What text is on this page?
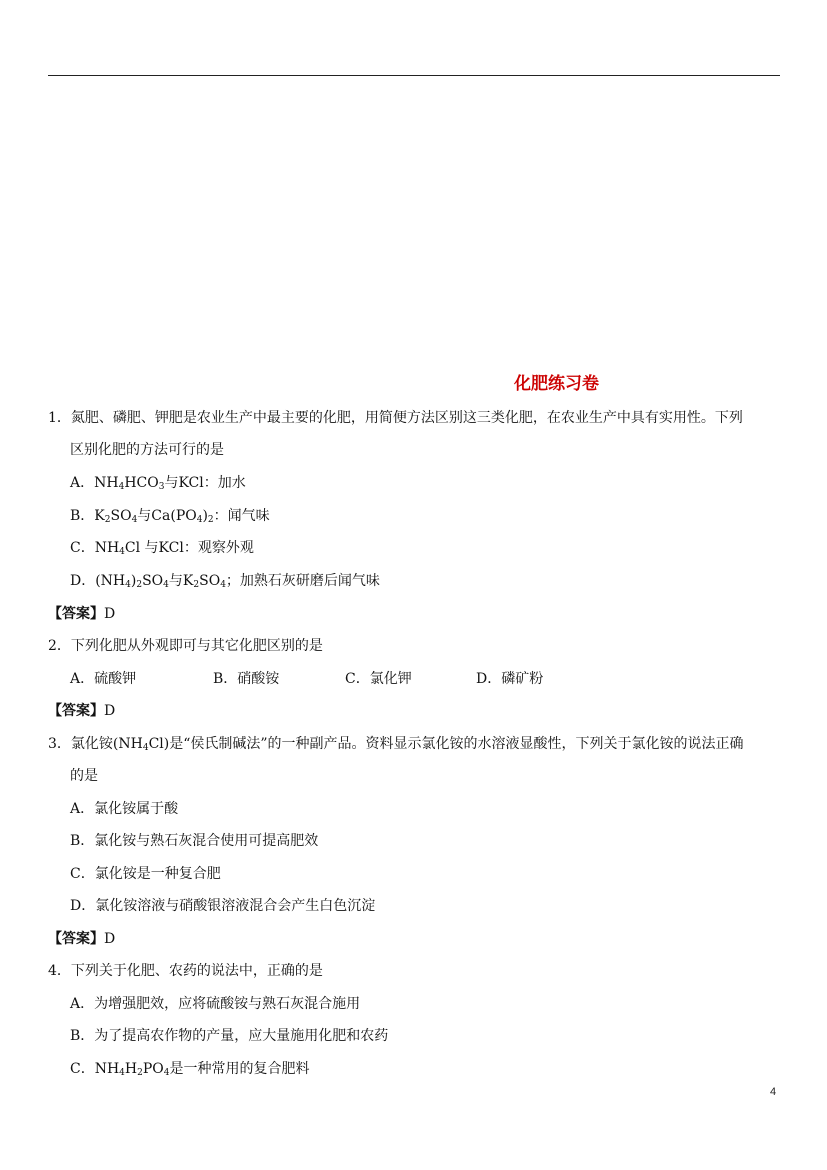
化肥练习卷
1．氮肥、磷肥、钾肥是农业生产中最主要的化肥，用简便方法区别这三类化肥，在农业生产中具有实用性。下列
区别化肥的方法可行的是
A．$NH_4HCO_3$与KCl：加水
B．$K_2SO_4$与$Ca(PO_4)_2$：闻气味
C．$NH_4Cl$ 与KCl：观察外观
D．$(NH_4)_2SO_4$与$K_2SO_4$；加熟石灰研磨后闻气味
【答案】D
2．下列化肥从外观即可与其它化肥区别的是
A．硫酸钾	B．硝酸铵	C．氯化钾	D．磷矿粉
【答案】D
3．氯化铵$(NH_4Cl)$是“侯氏制碱法”的一种副产品。资料显示氯化铵的水溶液显酸性，下列关于氯化铵的说法正确
的是
A．氯化铵属于酸
B．氯化铵与熟石灰混合使用可提高肥效
C．氯化铵是一种复合肥
D．氯化铵溶液与硝酸银溶液混合会产生白色沉淀
【答案】D
4．下列关于化肥、农药的说法中，正确的是
A．为增强肥效，应将硫酸铵与熟石灰混合施用
B．为了提高农作物的产量，应大量施用化肥和农药
C．$NH_4H_2PO_4$是一种常用的复合肥料
4
